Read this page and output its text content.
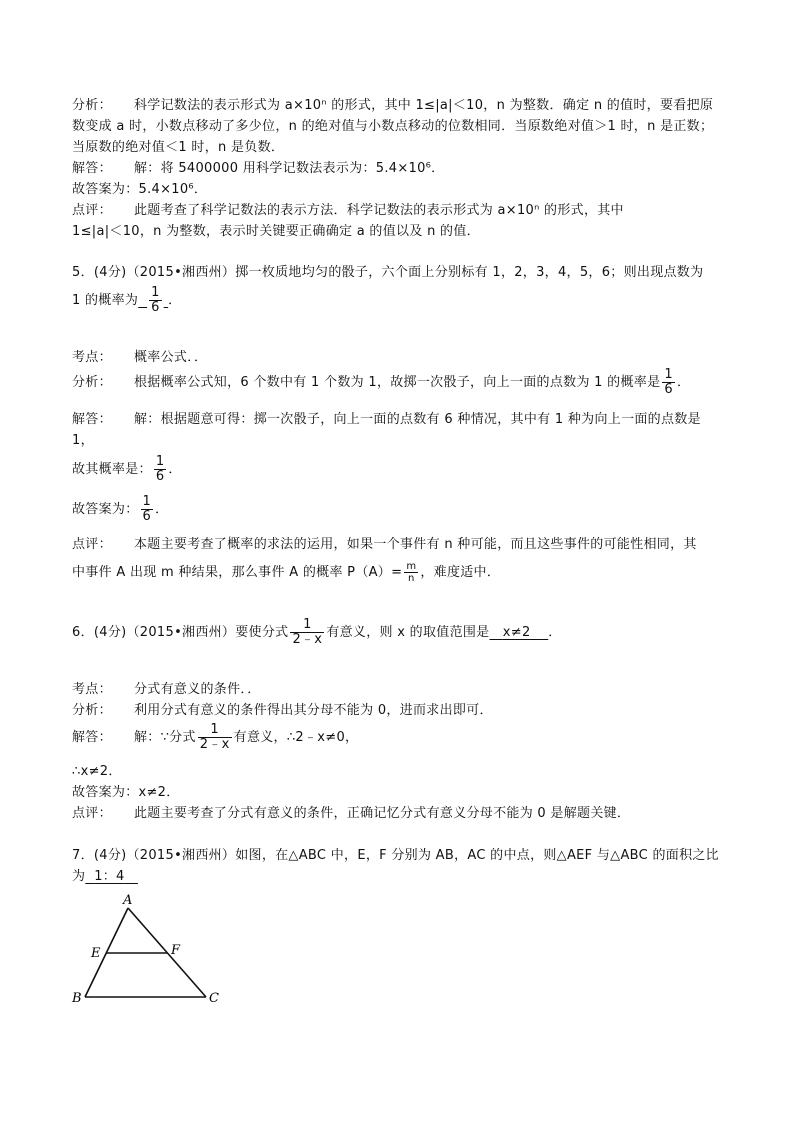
分析： 科学记数法的表示形式为 a×10ⁿ 的形式，其中 1≤|a|＜10，n 为整数．确定 n 的值时，要看把原
数变成 a 时，小数点移动了多少位，n 的绝对值与小数点移动的位数相同．当原数绝对值＞1 时，n 是正数；
当原数的绝对值＜1 时，n 是负数．
解答： 解：将 5400000 用科学记数法表示为：5.4×10⁶．
故答案为：5.4×10⁶．
点评： 此题考查了科学记数法的表示方法．科学记数法的表示形式为 a×10ⁿ 的形式，其中
1≤|a|＜10，n 为整数，表示时关键要正确确定 a 的值以及 n 的值．
5．(4分)（2015•湘西州）掷一枚质地均匀的骰子，六个面上分别标有 1，2，3，4，5，6；则出现点数为
1 的概率为 $\frac{1}{6}$ ．
考点： 概率公式．．
分析： 根据概率公式知，6 个数中有 1 个数为 1，故掷一次骰子，向上一面的点数为 1 的概率是 $\frac{1}{6}$ ．
解答： 解：根据题意可得：掷一次骰子，向上一面的点数有 6 种情况，其中有 1 种为向上一面的点数是
1，
故其概率是： $\frac{1}{6}$ ．
故答案为： $\frac{1}{6}$ ．
点评： 本题主要考查了概率的求法的运用，如果一个事件有 n 种可能，而且这些事件的可能性相同，其
中事件 A 出现 m 种结果，那么事件 A 的概率 $P(A)= \frac{m}{n}$ ，难度适中．
6．(4分)（2015•湘西州）要使分式 $\frac{1}{2﹣x}$ 有意义，则 x 的取值范围是 x≠2 ．
考点： 分式有意义的条件．．
分析： 利用分式有意义的条件得出其分母不能为 0，进而求出即可．
解答： 解：∵分式 $\frac{1}{2﹣x}$ 有意义，∴2﹣x≠0，
∴x≠2．
故答案为：x≠2．
点评： 此题主要考查了分式有意义的条件，正确记忆分式有意义分母不能为 0 是解题关键．
7．(4分)（2015•湘西州）如图，在△ABC 中，E，F 分别为 AB，AC 的中点，则△AEF 与△ABC 的面积之比
为 1：4
A
E	F
B	C
